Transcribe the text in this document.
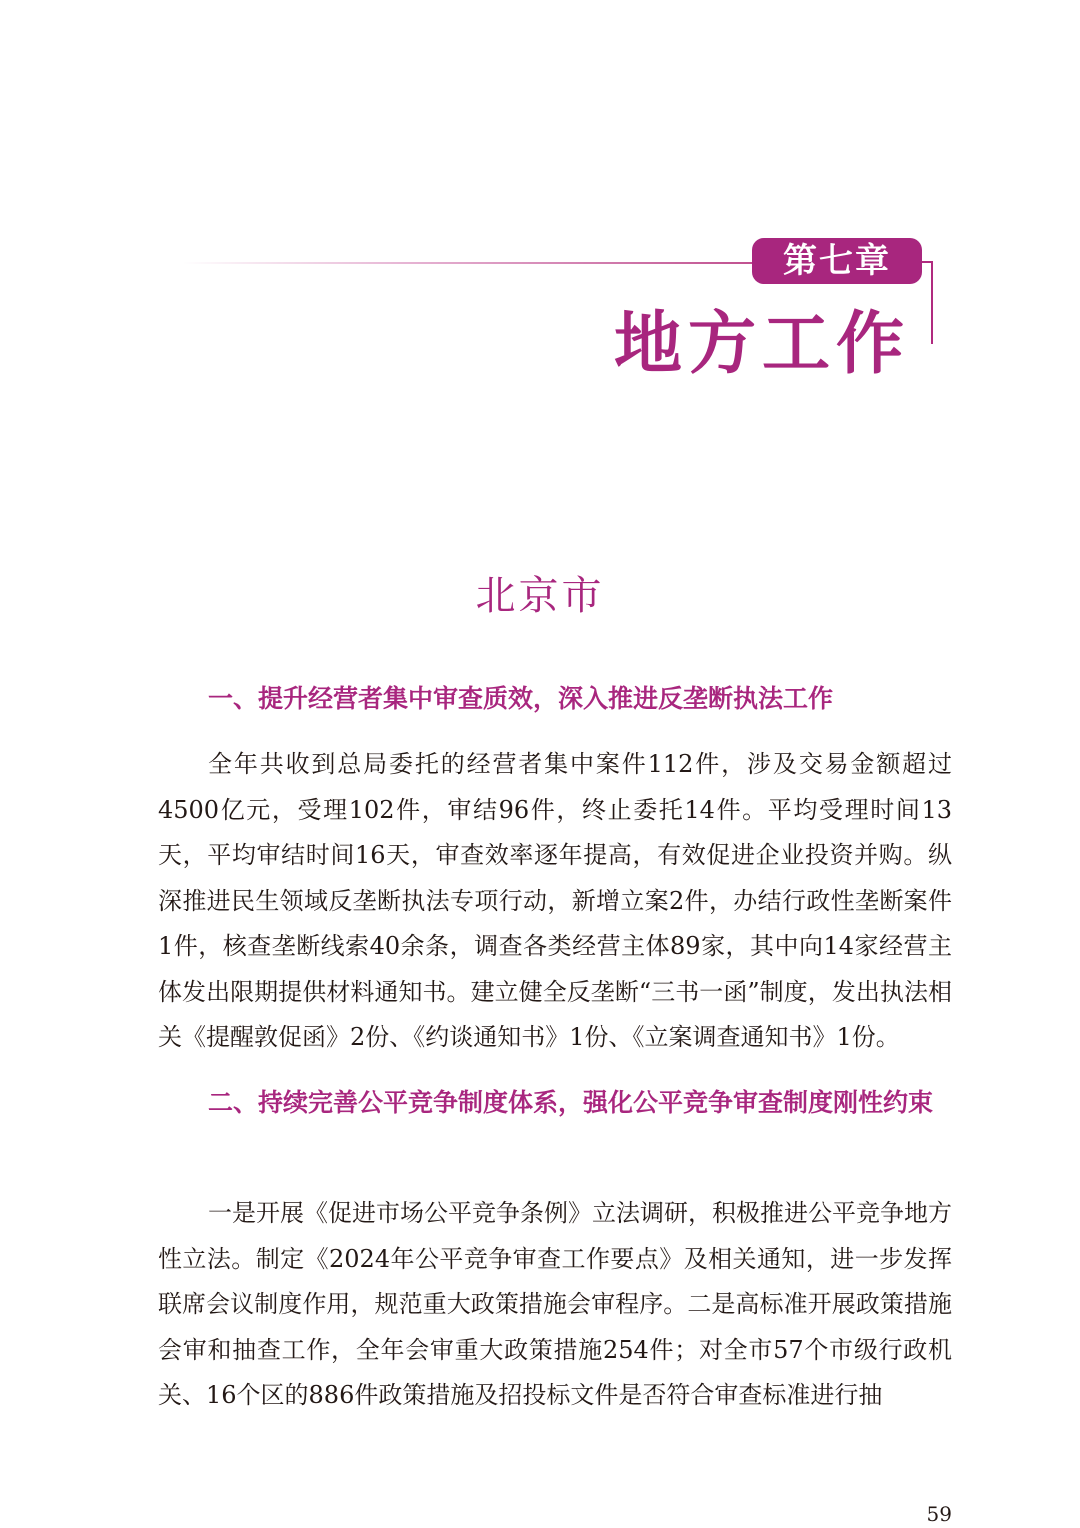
第七章
地方工作
北京市
一、提升经营者集中审查质效，深入推进反垄断执法工作

全年共收到总局委托的经营者集中案件112件，涉及交易金额超过4500亿元，受理102件，审结96件，终止委托14件。平均受理时间13天，平均审结时间16天，审查效率逐年提高，有效促进企业投资并购。纵深推进民生领域反垄断执法专项行动，新增立案2件，办结行政性垄断案件1件，核查垄断线索40余条，调查各类经营主体89家，其中向14家经营主体发出限期提供材料通知书。建立健全反垄断“三书一函”制度，发出执法相关《提醒敦促函》2份、《约谈通知书》1份、《立案调查通知书》1份。

二、持续完善公平竞争制度体系，强化公平竞争审查制度刚性约束

一是开展《促进市场公平竞争条例》立法调研，积极推进公平竞争地方性立法。制定《2024年公平竞争审查工作要点》及相关通知，进一步发挥联席会议制度作用，规范重大政策措施会审程序。二是高标准开展政策措施会审和抽查工作，全年会审重大政策措施254件；对全市57个市级行政机关、16个区的886件政策措施及招投标文件是否符合审查标准进行抽

59
